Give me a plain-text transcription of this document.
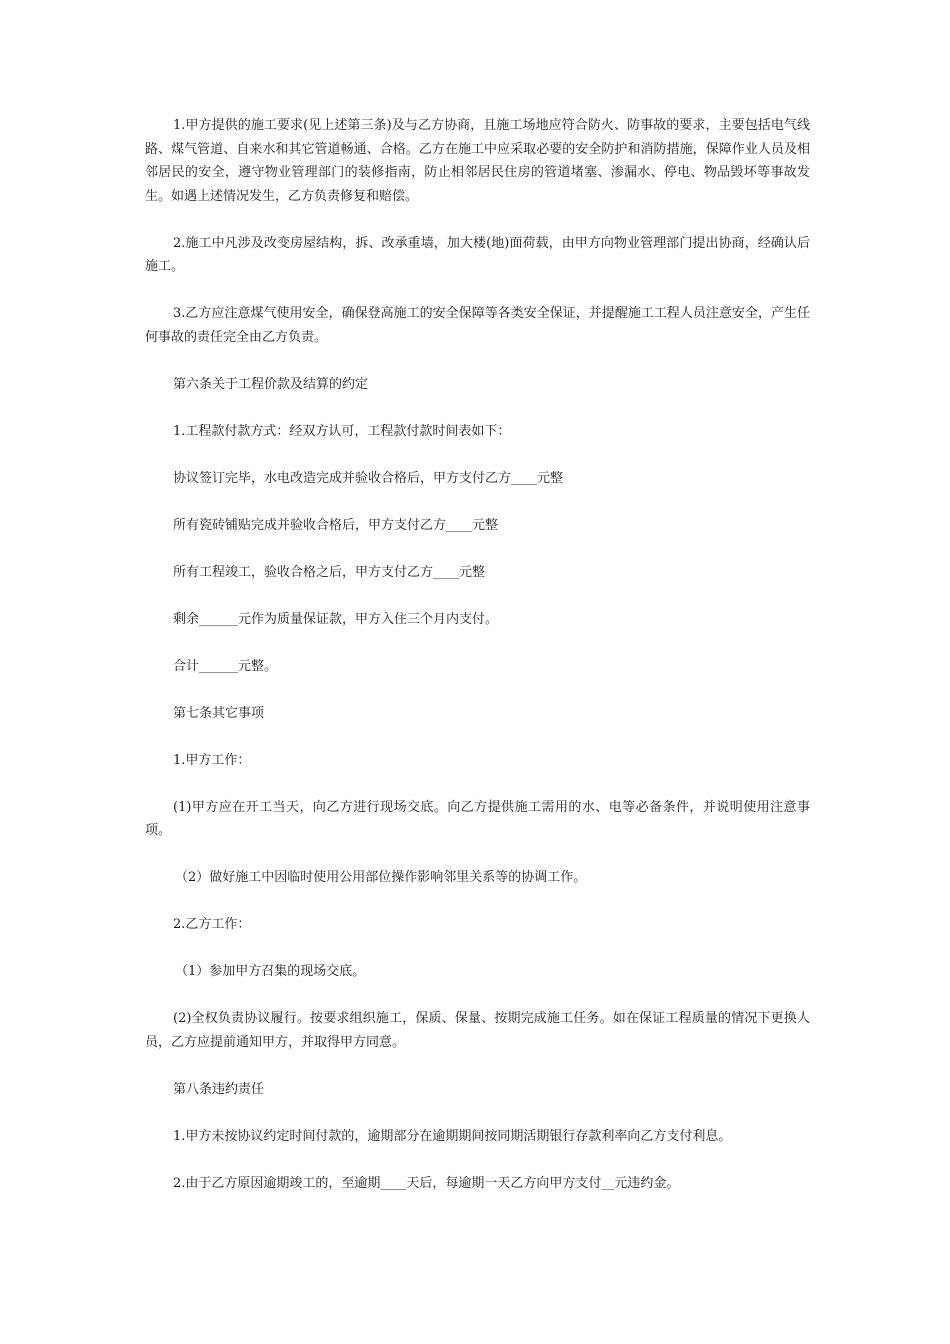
1.甲方提供的施工要求(见上述第三条)及与乙方协商，且施工场地应符合防火、防事故的要求，主要包括电气线路、煤气管道、自来水和其它管道畅通、合格。乙方在施工中应采取必要的安全防护和消防措施，保障作业人员及相邻居民的安全，遵守物业管理部门的装修指南，防止相邻居民住房的管道堵塞、渗漏水、停电、物品毁坏等事故发生。如遇上述情况发生，乙方负责修复和赔偿。

2.施工中凡涉及改变房屋结构，拆、改承重墙，加大楼(地)面荷载，由甲方向物业管理部门提出协商，经确认后施工。

3.乙方应注意煤气使用安全，确保登高施工的安全保障等各类安全保证，并提醒施工工程人员注意安全，产生任何事故的责任完全由乙方负责。

第六条关于工程价款及结算的约定

1.工程款付款方式：经双方认可，工程款付款时间表如下：

协议签订完毕，水电改造完成并验收合格后，甲方支付乙方____元整

所有瓷砖铺贴完成并验收合格后，甲方支付乙方____元整

所有工程竣工，验收合格之后，甲方支付乙方____元整

剩余______元作为质量保证款，甲方入住三个月内支付。

合计______元整。

第七条其它事项

1.甲方工作：

(1)甲方应在开工当天，向乙方进行现场交底。向乙方提供施工需用的水、电等必备条件，并说明使用注意事项。

（2）做好施工中因临时使用公用部位操作影响邻里关系等的协调工作。

2.乙方工作：

（1）参加甲方召集的现场交底。

(2)全权负责协议履行。按要求组织施工，保质、保量、按期完成施工任务。如在保证工程质量的情况下更换人员，乙方应提前通知甲方，并取得甲方同意。

第八条违约责任

1.甲方未按协议约定时间付款的，逾期部分在逾期期间按同期活期银行存款利率向乙方支付利息。

2.由于乙方原因逾期竣工的，至逾期____天后，每逾期一天乙方向甲方支付__元违约金。
